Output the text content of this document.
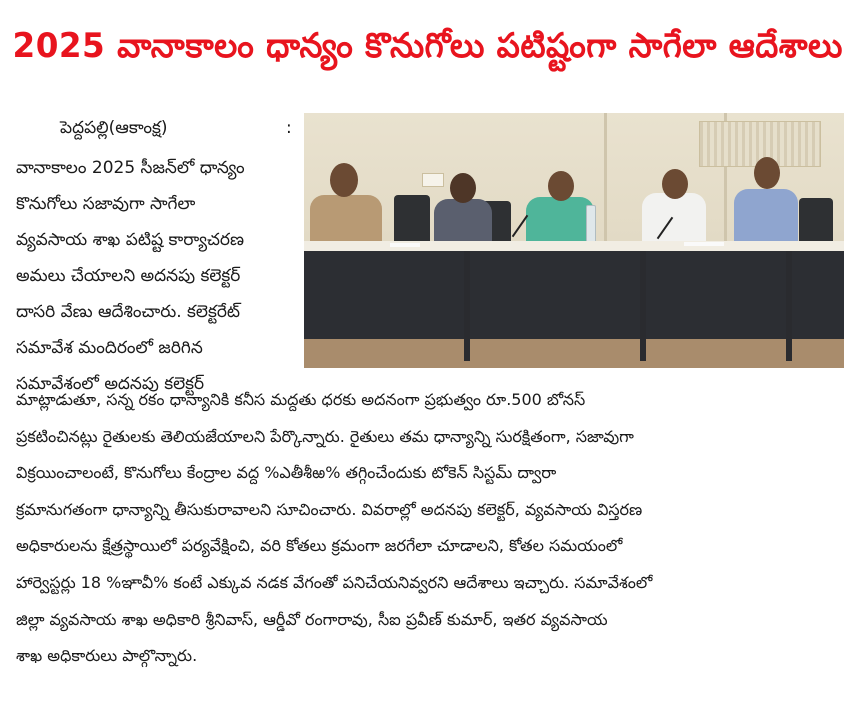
2025 వానాకాలం ధాన్యం కొనుగోలు పటిష్టంగా సాగేలా ఆదేశాలు
పెద్దపల్లి(ఆకాంక్ష)	:
వానాకాలం 2025 సీజన్‌లో ధాన్యం
కొనుగోలు సజావుగా సాగేలా
వ్యవసాయ శాఖ పటిష్ట కార్యాచరణ
అమలు చేయాలని అదనపు కలెక్టర్
దాసరి వేణు ఆదేశించారు. కలెక్టరేట్
సమావేశ మందిరంలో జరిగిన
సమావేశంలో అదనపు కలెక్టర్
మాట్లాడుతూ, సన్న రకం ధాన్యానికి కనీస మద్దతు ధరకు అదనంగా ప్రభుత్వం రూ.500 బోనస్
ప్రకటించినట్లు రైతులకు తెలియజేయాలని పేర్కొన్నారు. రైతులు తమ ధాన్యాన్ని సురక్షితంగా, సజావుగా
విక్రయించాలంటే, కొనుగోలు కేంద్రాల వద్ద %ఎతీశీఱ% తగ్గించేందుకు టోకెన్ సిస్టమ్ ద్వారా
క్రమానుగతంగా ధాన్యాన్ని తీసుకురావాలని సూచించారు. వివరాల్లో అదనపు కలెక్టర్, వ్యవసాయ విస్తరణ
అధికారులను క్షేత్రస్థాయిలో పర్యవేక్షించి, వరి కోతలు క్రమంగా జరగేలా చూడాలని, కోతల సమయంలో
హార్వెస్టర్లు 18 %ఞావీ% కంటే ఎక్కువ నడక వేగంతో పనిచేయనివ్వరని ఆదేశాలు ఇచ్చారు. సమావేశంలో
జిల్లా వ్యవసాయ శాఖ అధికారి శ్రీనివాస్, ఆర్డీవో రంగారావు, సీఐ ప్రవీణ్ కుమార్, ఇతర వ్యవసాయ
శాఖ అధికారులు పాల్గొన్నారు.
